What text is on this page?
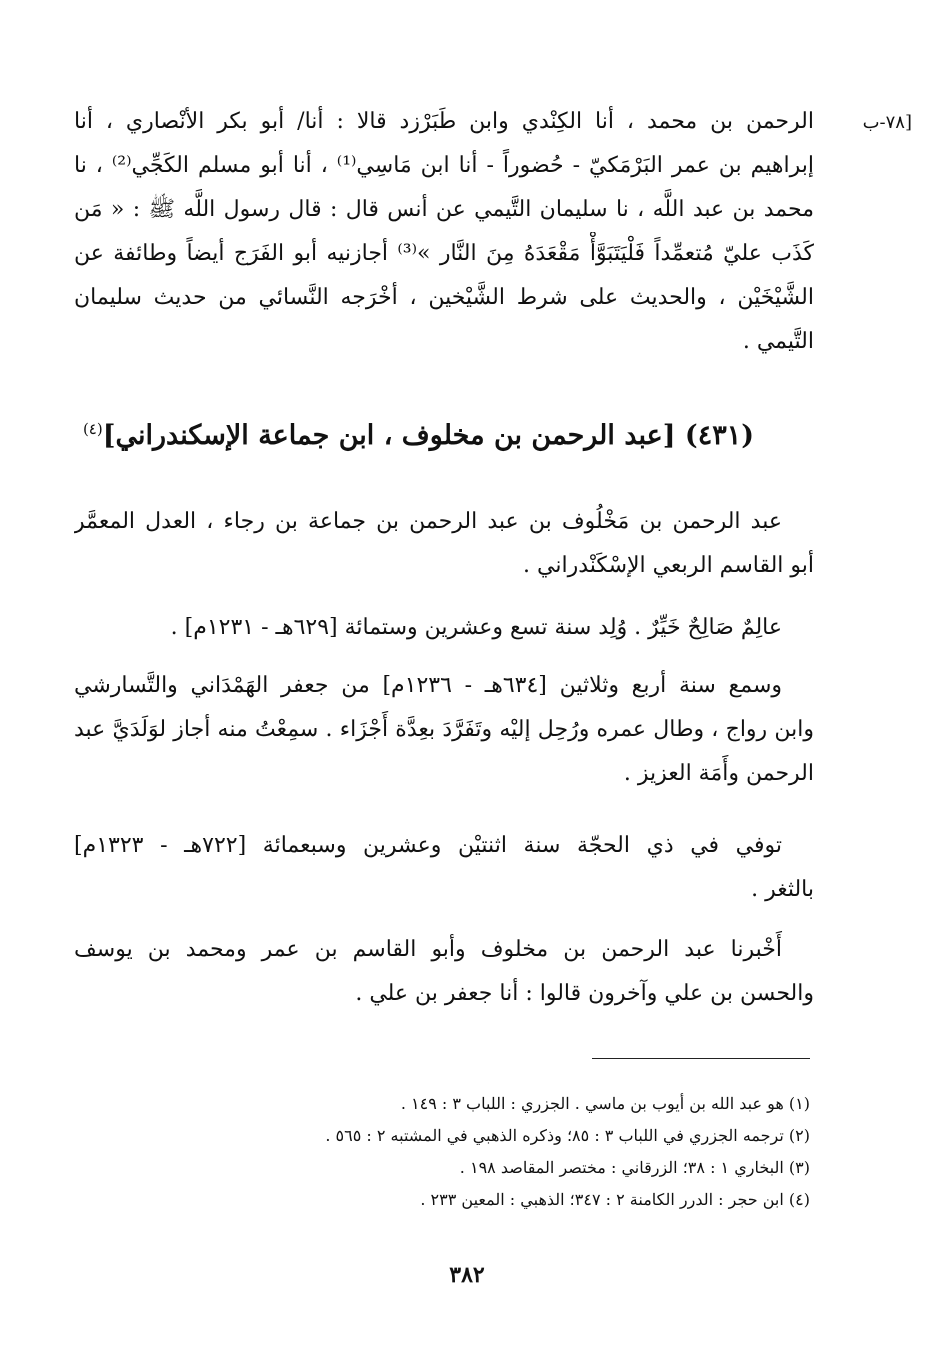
[٧٨-ب
الرحمن بن محمد ، أنا الكِنْدي وابن طَبَرْزد قالا : أنا/ أبو بكر الأنْصاري ، أنا
إبراهيم بن عمر البَرْمَكيّ - حُضوراً - أنا ابن مَاسِي⁽¹⁾ ، أنا أبو مسلم الكَجِّي⁽²⁾ ، نا
محمد بن عبد اللَّه ، نا سليمان التَّيمي عن أنس قال : قال رسول اللَّه ﷺ : « مَن
كَذَب عليّ مُتعمِّداً فَلْيَتَبَوَّأْ مَقْعَدَهُ مِنَ النَّار »⁽³⁾ أجازنيه أبو الفَرَج أيضاً وطائفة عن
الشَّيْخَيْن ، والحديث على شرط الشَّيْخين ، أخْرَجه النَّسائي من حديث سليمان
التَّيمي .
(٤٣١) [عبد الرحمن بن مخلوف ، ابن جماعة الإسكندراني]$^{(٤)}$
عبد الرحمن بن مَخْلُوف بن عبد الرحمن بن جماعة بن رجاء ، العدل المعمَّر
أبو القاسم الربعي الإسْكَنْدراني .
عالِمٌ صَالِحٌ خَيِّرٌ . وُلِد سنة تسع وعشرين وستمائة [٦٢٩هـ - ١٢٣١م] .
وسمع سنة أربع وثلاثين [٦٣٤هـ - ١٢٣٦م] من جعفر الهَمْدَاني والتَّسارشي
وابن رواج ، وطال عمره ورُحِل إليْه وتَفَرَّدَ بعِدَّة أَجْزَاء . سمِعْتُ منه أجاز لوَلَدَيَّ عبد
الرحمن وأَمَة العزيز .
توفي في ذي الحجّة سنة اثنتيْن وعشرين وسبعمائة [٧٢٢هـ - ١٣٢٣م]
بالثغر .
أَخْبرنا عبد الرحمن بن مخلوف وأبو القاسم بن عمر ومحمد بن يوسف
والحسن بن علي وآخرون قالوا : أنا جعفر بن علي .
(١) هو عبد الله بن أيوب بن ماسي . الجزري : اللباب ٣ : ١٤٩ .
(٢) ترجمه الجزري في اللباب ٣ : ٨٥؛ وذكره الذهبي في المشتبه ٢ : ٥٦٥ .
(٣) البخاري ١ : ٣٨؛ الزرقاني : مختصر المقاصد ١٩٨ .
(٤) ابن حجر : الدرر الكامنة ٢ : ٣٤٧؛ الذهبي : المعين ٢٣٣ .
٣٨٢
